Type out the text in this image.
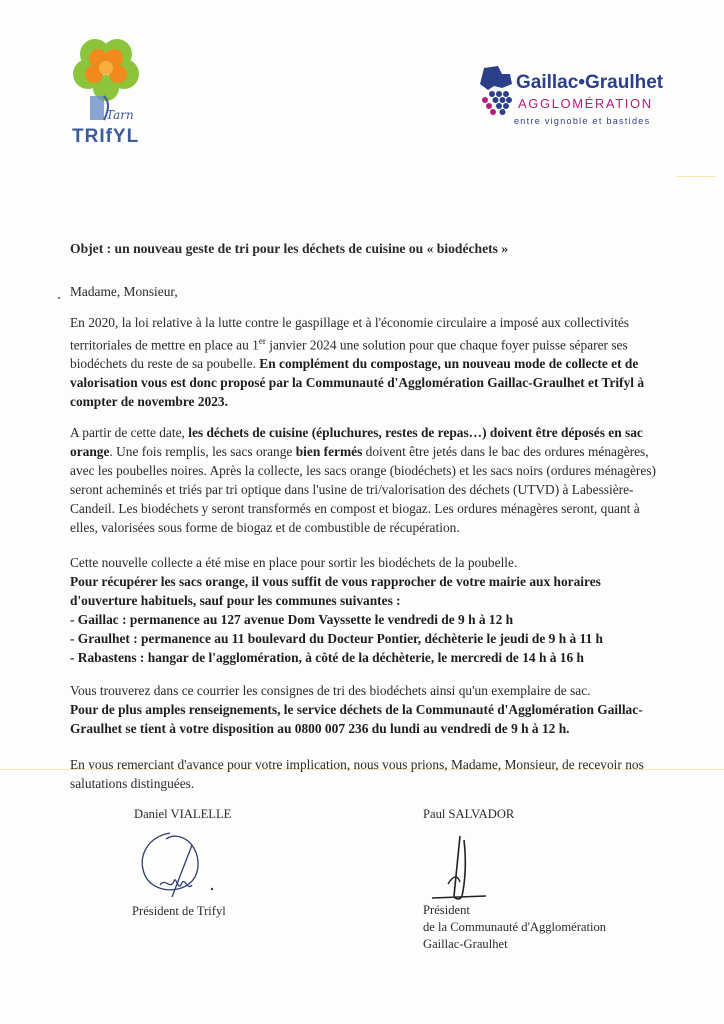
Tarn
TRIfYL
Gaillac•Graulhet
AGGLOMÉRATION
entre vignoble et bastides
Objet : un nouveau geste de tri pour les déchets de cuisine ou « biodéchets »
Madame, Monsieur,
En 2020, la loi relative à la lutte contre le gaspillage et à l'économie circulaire a imposé aux collectivités
territoriales de mettre en place au 1er janvier 2024 une solution pour que chaque foyer puisse séparer ses
biodéchets du reste de sa poubelle. En complément du compostage, un nouveau mode de collecte et de
valorisation vous est donc proposé par la Communauté d'Agglomération Gaillac-Graulhet et Trifyl à
compter de novembre 2023.
A partir de cette date, les déchets de cuisine (épluchures, restes de repas…) doivent être déposés en sac
orange. Une fois remplis, les sacs orange bien fermés doivent être jetés dans le bac des ordures ménagères,
avec les poubelles noires. Après la collecte, les sacs orange (biodéchets) et les sacs noirs (ordures ménagères)
seront acheminés et triés par tri optique dans l'usine de tri/valorisation des déchets (UTVD) à Labessière-
Candeil. Les biodéchets y seront transformés en compost et biogaz. Les ordures ménagères seront, quant à
elles, valorisées sous forme de biogaz et de combustible de récupération.
Cette nouvelle collecte a été mise en place pour sortir les biodéchets de la poubelle.
Pour récupérer les sacs orange, il vous suffit de vous rapprocher de votre mairie aux horaires
d'ouverture habituels, sauf pour les communes suivantes :
- Gaillac : permanence au 127 avenue Dom Vayssette le vendredi de 9 h à 12 h
- Graulhet : permanence au 11 boulevard du Docteur Pontier, déchèterie le jeudi de 9 h à 11 h
- Rabastens : hangar de l'agglomération, à côté de la déchèterie, le mercredi de 14 h à 16 h
Vous trouverez dans ce courrier les consignes de tri des biodéchets ainsi qu'un exemplaire de sac.
Pour de plus amples renseignements, le service déchets de la Communauté d'Agglomération Gaillac-
Graulhet se tient à votre disposition au 0800 007 236 du lundi au vendredi de 9 h à 12 h.
En vous remerciant d'avance pour votre implication, nous vous prions, Madame, Monsieur, de recevoir nos
salutations distinguées.
Daniel VIALELLE
Président de Trifyl
Paul SALVADOR
Président
de la Communauté d'Agglomération
Gaillac-Graulhet
